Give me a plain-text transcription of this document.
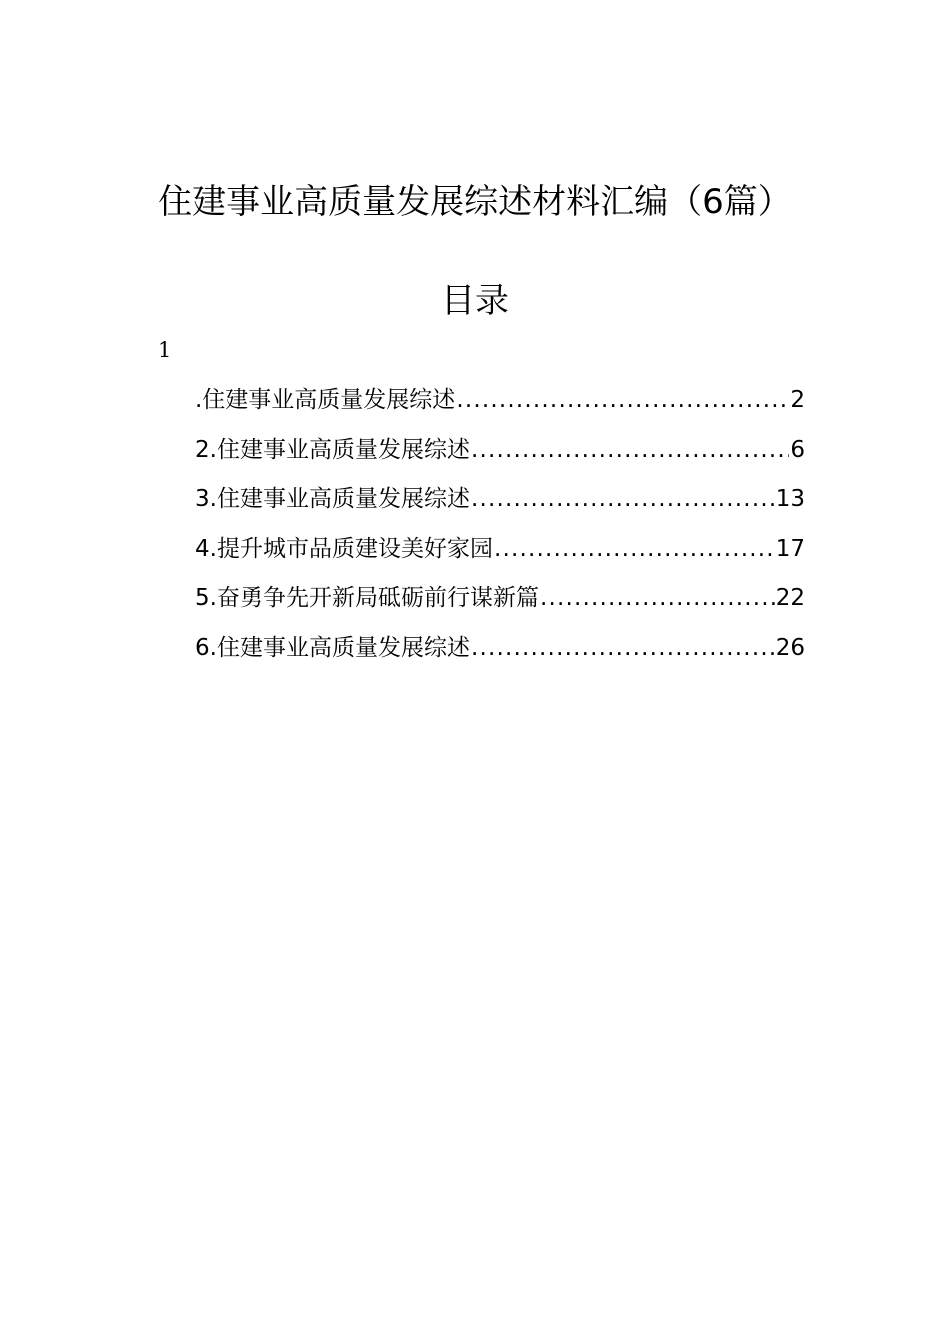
住建事业高质量发展综述材料汇编（6篇）
目录
1
.住建事业高质量发展综述 .....	2
2.住建事业高质量发展综述 .....	6
3.住建事业高质量发展综述 .....	13
4.提升城市品质建设美好家园 .....	17
5.奋勇争先开新局砥砺前行谋新篇 .....	22
6.住建事业高质量发展综述 .....	26
